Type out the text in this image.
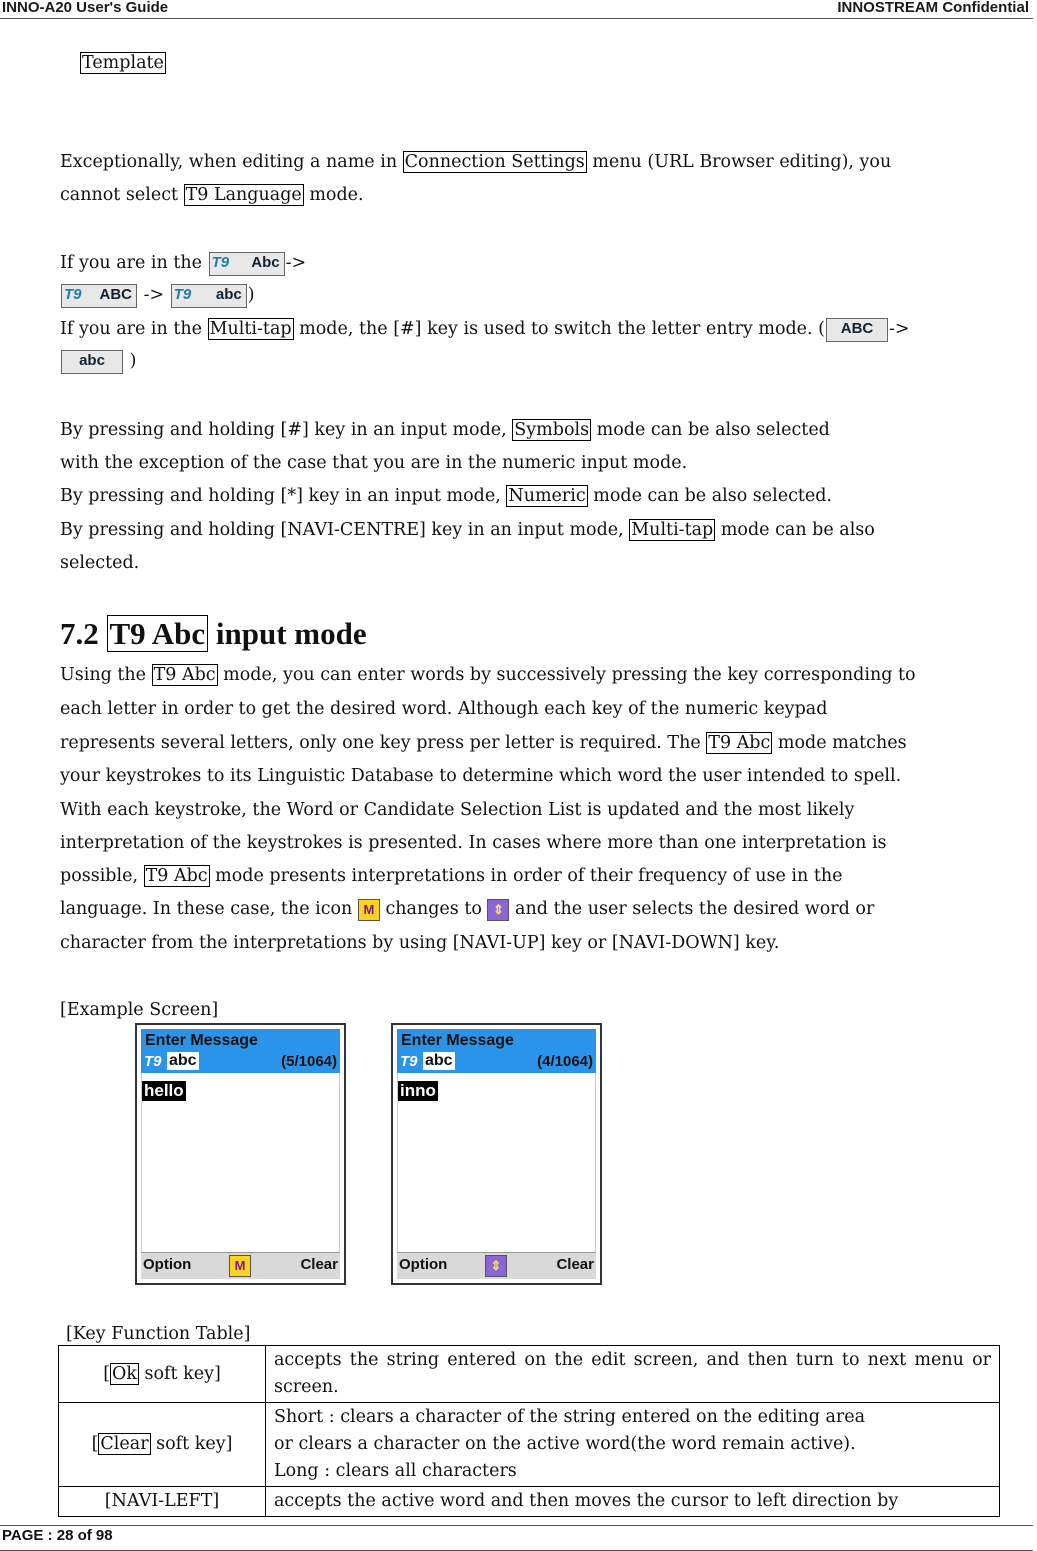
INNO-A20 User's Guide	INNOSTREAM Confidential
Template
Exceptionally, when editing a name in Connection Settings menu (URL Browser editing), you
cannot select T9 Language mode.
If you are in the T9 Abc ->
T9 ABC -> T9 abc )
If you are in the Multi-tap mode, the [#] key is used to switch the letter entry mode. (	ABC ->
abc	)
By pressing and holding [#] key in an input mode, Symbols mode can be also selected
with the exception of the case that you are in the numeric input mode.
By pressing and holding [*] key in an input mode, Numeric mode can be also selected.
By pressing and holding [NAVI-CENTRE] key in an input mode, Multi-tap mode can be also
selected.
7.2 T9 Abc input mode
Using the T9 Abc mode, you can enter words by successively pressing the key corresponding to
each letter in order to get the desired word. Although each key of the numeric keypad
represents several letters, only one key press per letter is required. The T9 Abc mode matches
your keystrokes to its Linguistic Database to determine which word the user intended to spell.
With each keystroke, the Word or Candidate Selection List is updated and the most likely
interpretation of the keystrokes is presented. In cases where more than one interpretation is
possible, T9 Abc mode presents interpretations in order of their frequency of use in the
language. In these case, the icon M changes to ⇕ and the user selects the desired word or
character from the interpretations by using [NAVI-UP] key or [NAVI-DOWN] key.
[Example Screen]
Enter Message
T9 abc	(5/1064)
hello
Option	M	Clear
Enter Message
T9 abc	(4/1064)
inno
Option	⇕	Clear
[Key Function Table]
[ Ok soft key]	accepts the string entered on the edit screen, and then turn to next menu or screen.
[ Clear soft key]	Short : clears a character of the string entered on the editing area
or clears a character on the active word(the word remain active).
Long : clears all characters

[NAVI-LEFT]	accepts the active word and then moves the cursor to left direction by
PAGE : 28 of 98
